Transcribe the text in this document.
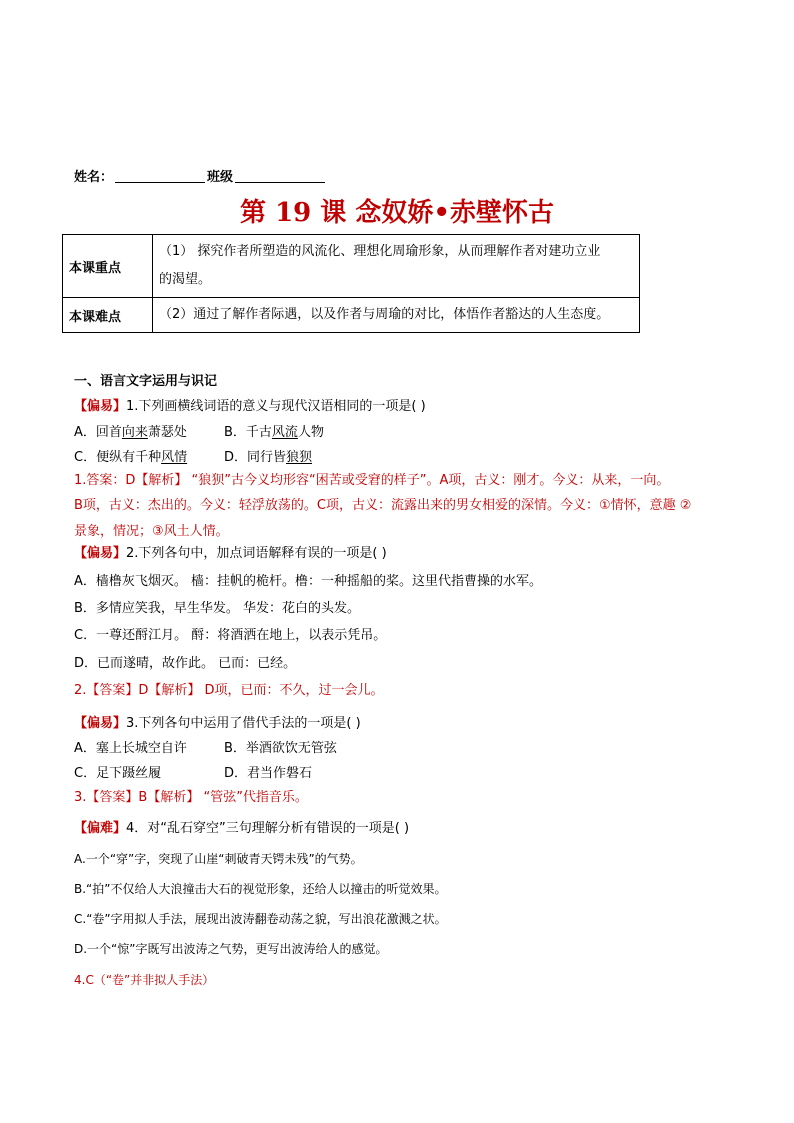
姓名：	班级
第 19 课 念奴娇•赤壁怀古
本课重点	（1） 探究作者所塑造的风流化、理想化周瑜形象，从而理解作者对建功立业
的渴望。

本课难点	（2）通过了解作者际遇，以及作者与周瑜的对比，体悟作者豁达的人生态度。
一、语言文字运用与识记
【偏易】1.下列画横线词语的意义与现代汉语相同的一项是( )
A．回首向来萧瑟处	B．千古风流人物
C．便纵有千种风情	D．同行皆狼狈
1.答案：D【解析】 “狼狈”古今义均形容“困苦或受窘的样子”。A项，古义：刚才。今义：从来，一向。
B项，古义：杰出的。今义：轻浮放荡的。C项，古义：流露出来的男女相爱的深情。今义：①情怀，意趣 ②
景象，情况；③风土人情。
【偏易】2.下列各句中，加点词语解释有误的一项是( )
A．樯橹灰飞烟灭。 樯：挂帆的桅杆。橹：一种摇船的桨。这里代指曹操的水军。
B．多情应笑我，早生华发。 华发：花白的头发。
C．一尊还酹江月。 酹：将酒洒在地上，以表示凭吊。
D．已而遂晴，故作此。 已而：已经。
2.【答案】D【解析】 D项，已而：不久，过一会儿。
【偏易】3.下列各句中运用了借代手法的一项是( )
A．塞上长城空自许	B．举酒欲饮无管弦
C．足下蹑丝履	D．君当作磐石
3.【答案】B【解析】 “管弦”代指音乐。
【偏难】4．对“乱石穿空”三句理解分析有错误的一项是( )
A.一个“穿”字，突现了山崖“刺破青天锷未残”的气势。
B.“拍”不仅给人大浪撞击大石的视觉形象，还给人以撞击的听觉效果。
C.“卷”字用拟人手法，展现出波涛翻卷动荡之貌，写出浪花激溅之状。
D.一个“惊”字既写出波涛之气势，更写出波涛给人的感觉。
4.C（“卷”并非拟人手法）
